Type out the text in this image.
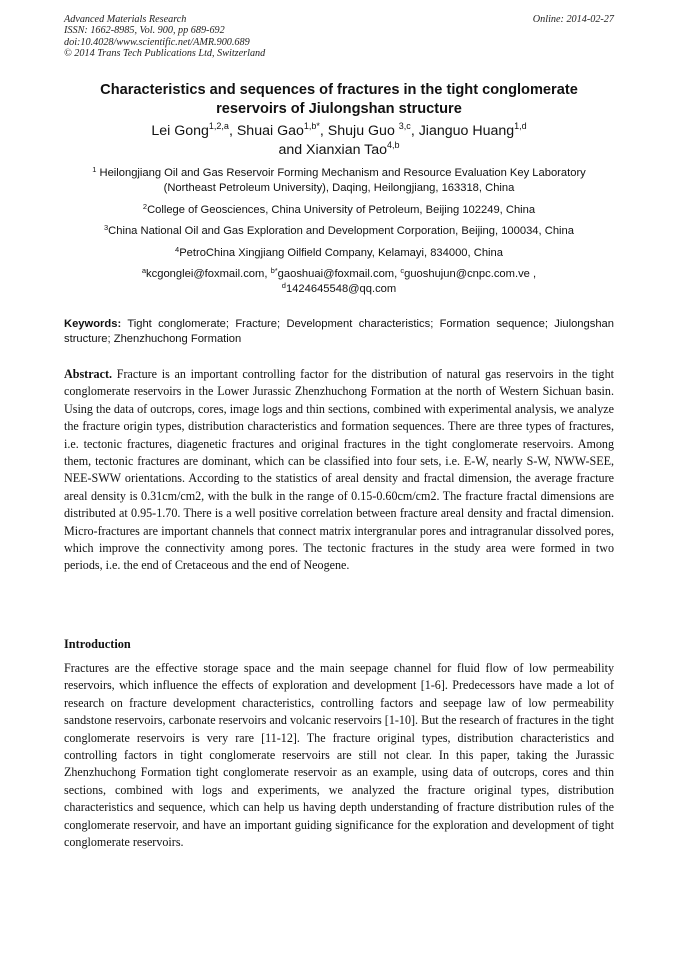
Advanced Materials Research
ISSN: 1662-8985, Vol. 900, pp 689-692
doi:10.4028/www.scientific.net/AMR.900.689
© 2014 Trans Tech Publications Ltd, Switzerland
Online: 2014-02-27
Characteristics and sequences of fractures in the tight conglomerate
reservoirs of Jiulongshan structure
Lei Gong$^{1,2,a}$, Shuai Gao$^{1,b*}$, Shuju Guo $^{3,c}$, Jianguo Huang$^{1,d}$
and Xianxian Tao$^{4,b}$
$^1$ Heilongjiang Oil and Gas Reservoir Forming Mechanism and Resource Evaluation Key Laboratory
(Northeast Petroleum University), Daqing, Heilongjiang, 163318, China
$^2$College of Geosciences, China University of Petroleum, Beijing 102249, China
$^3$China National Oil and Gas Exploration and Development Corporation, Beijing, 100034, China
$^4$PetroChina Xingjiang Oilfield Company, Kelamayi, 834000, China
$^a$kcgonglei@foxmail.com, $^{b*}$gaoshuai@foxmail.com, $^c$guoshujun@cnpc.com.ve ,
$^d$1424645548@qq.com
Keywords: Tight conglomerate; Fracture; Development characteristics; Formation sequence; Jiulongshan structure; Zhenzhuchong Formation
Abstract. Fracture is an important controlling factor for the distribution of natural gas reservoirs in the tight conglomerate reservoirs in the Lower Jurassic Zhenzhuchong Formation at the north of Western Sichuan basin. Using the data of outcrops, cores, image logs and thin sections, combined with experimental analysis, we analyze the fracture origin types, distribution characteristics and formation sequences. There are three types of fractures, i.e. tectonic fractures, diagenetic fractures and original fractures in the tight conglomerate reservoirs. Among them, tectonic fractures are dominant, which can be classified into four sets, i.e. E-W, nearly S-W, NWW-SEE, NEE-SWW orientations. According to the statistics of areal density and fractal dimension, the average fracture areal density is 0.31cm/cm2, with the bulk in the range of 0.15-0.60cm/cm2. The fracture fractal dimensions are distributed at 0.95-1.70. There is a well positive correlation between fracture areal density and fractal dimension. Micro-fractures are important channels that connect matrix intergranular pores and intragranular dissolved pores, which improve the connectivity among pores. The tectonic fractures in the study area were formed in two periods, i.e. the end of Cretaceous and the end of Neogene.
Introduction
Fractures are the effective storage space and the main seepage channel for fluid flow of low permeability reservoirs, which influence the effects of exploration and development [1-6]. Predecessors have made a lot of research on fracture development characteristics, controlling factors and seepage law of low permeability sandstone reservoirs, carbonate reservoirs and volcanic reservoirs [1-10]. But the research of fractures in the tight conglomerate reservoirs is very rare [11-12]. The fracture original types, distribution characteristics and controlling factors in tight conglomerate reservoirs are still not clear. In this paper, taking the Jurassic Zhenzhuchong Formation tight conglomerate reservoir as an example, using data of outcrops, cores and thin sections, combined with logs and experiments, we analyzed the fracture original types, distribution characteristics and sequence, which can help us having depth understanding of fracture distribution rules of the conglomerate reservoir, and have an important guiding significance for the exploration and development of tight conglomerate reservoirs.
